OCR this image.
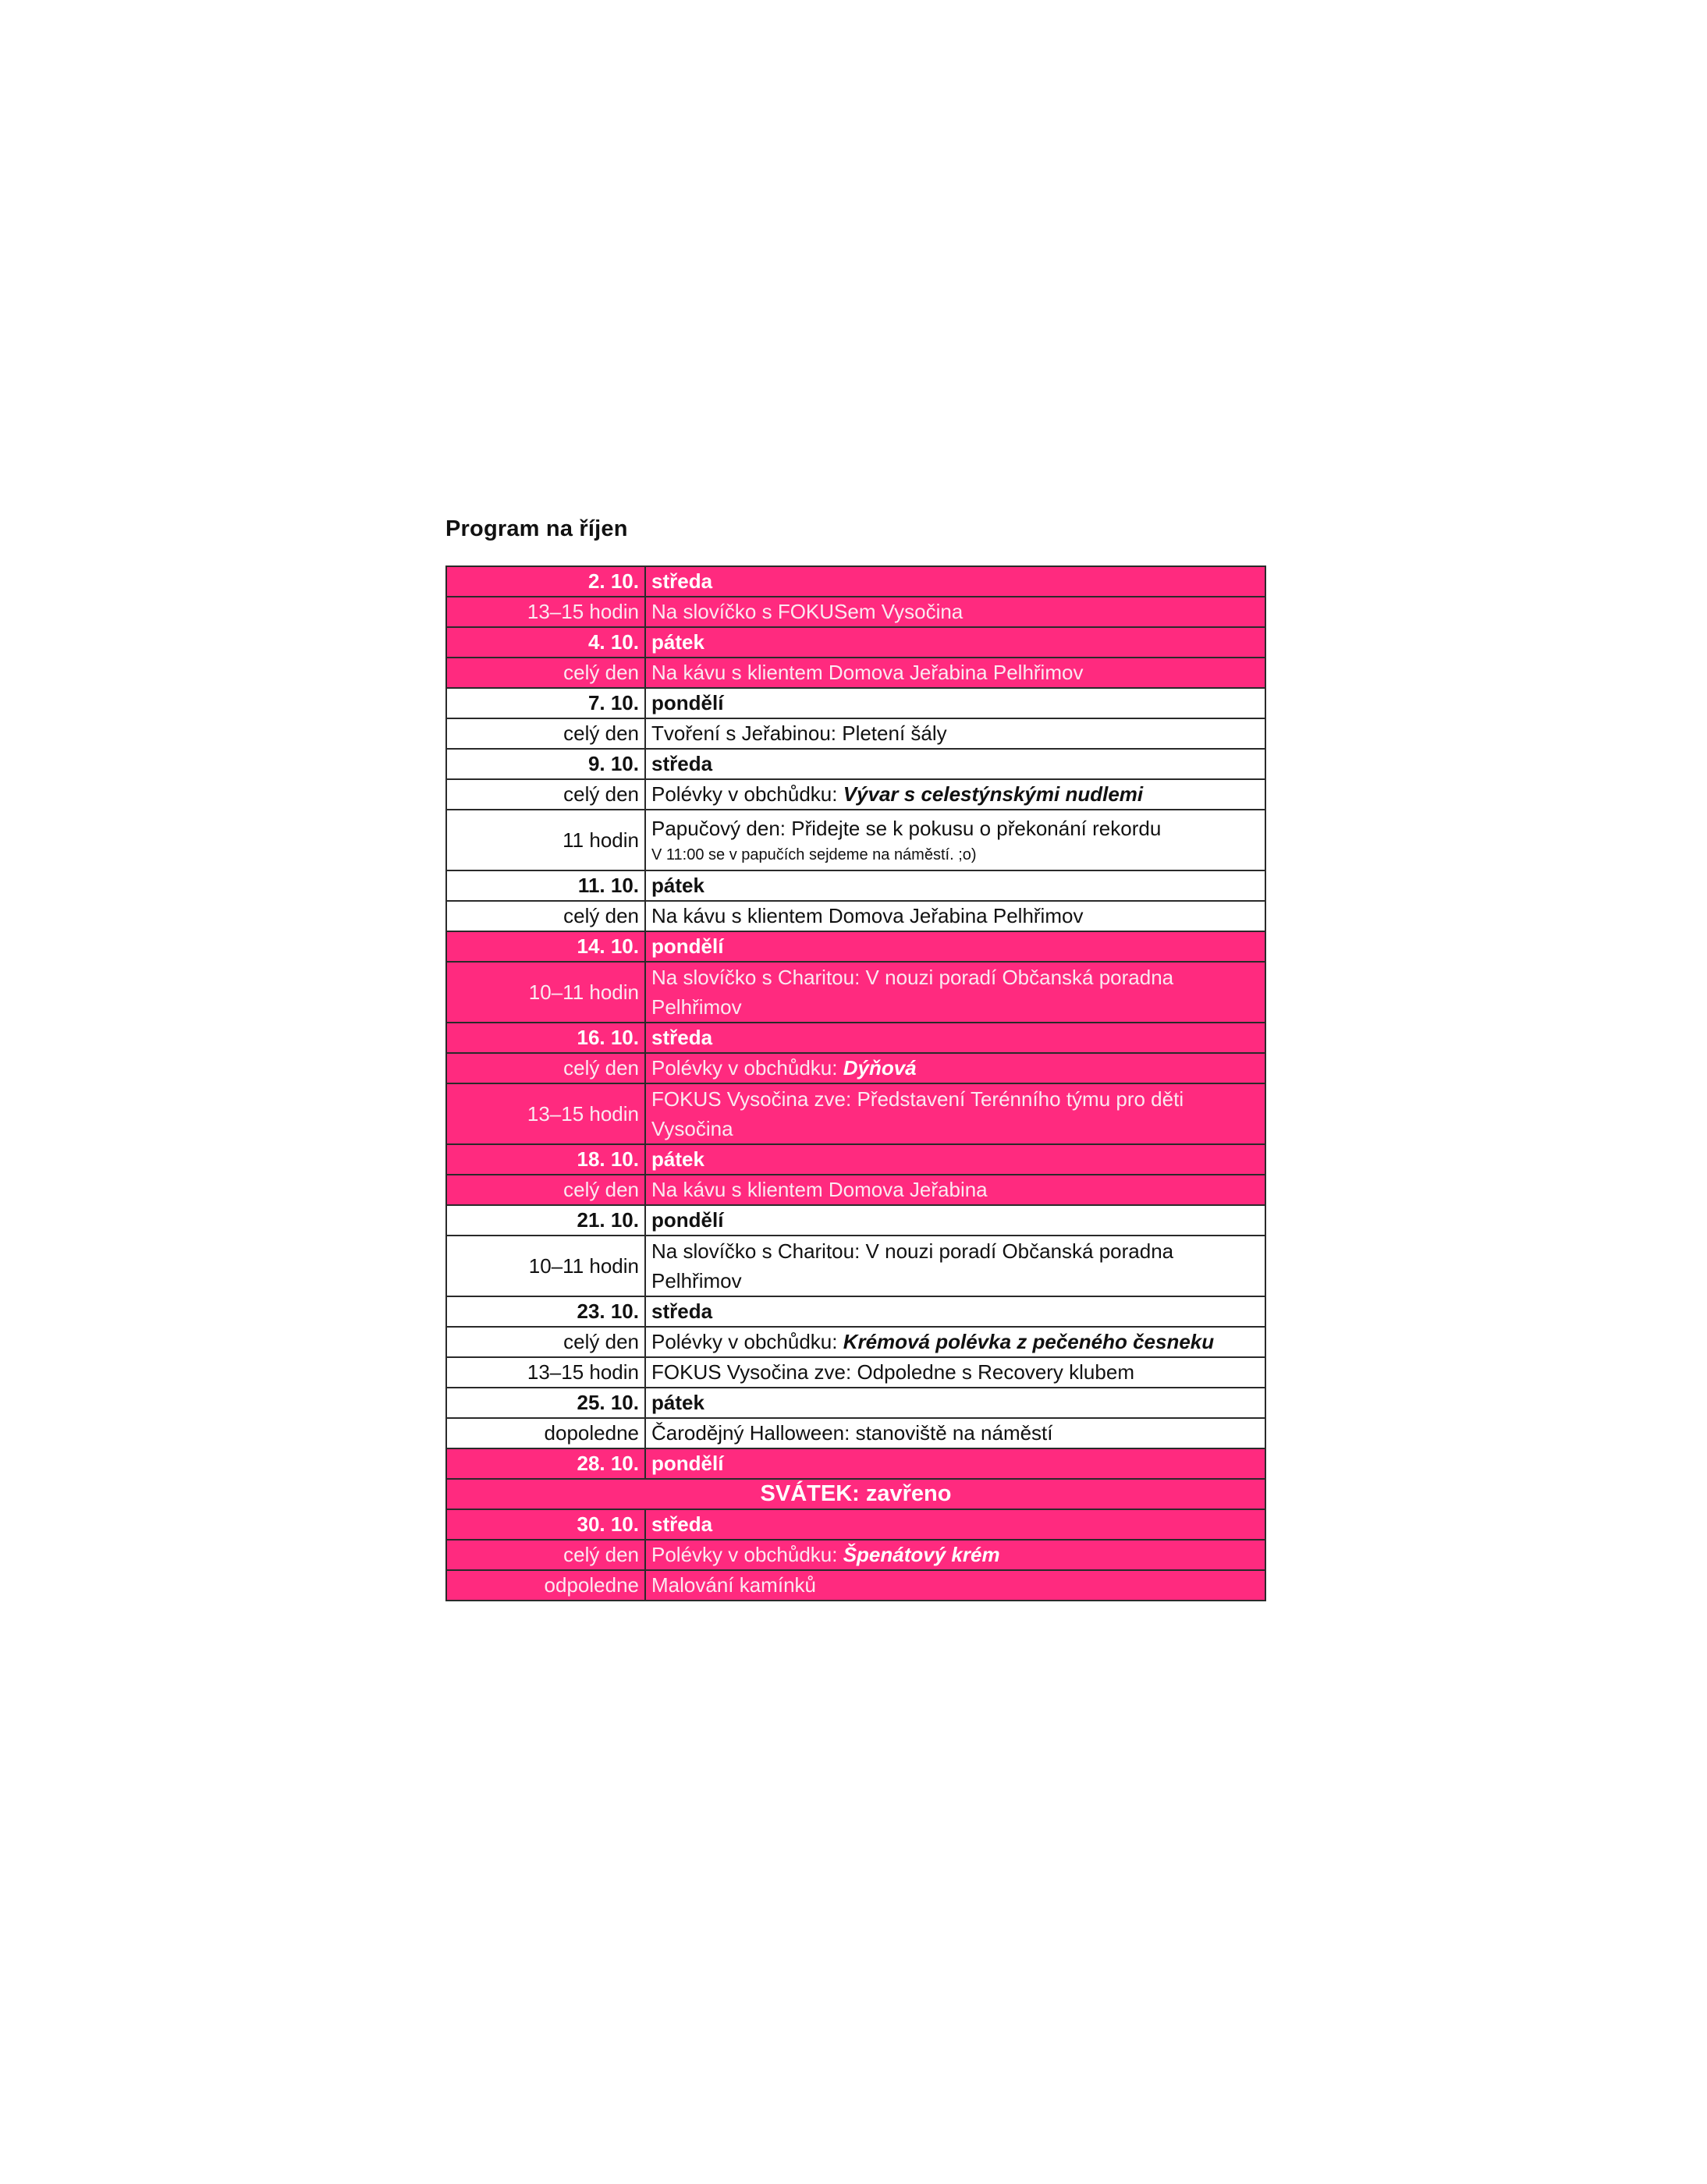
Program na říjen
2. 10.	středa
13–15 hodin	Na slovíčko s FOKUSem Vysočina
4. 10.	pátek
celý den	Na kávu s klientem Domova Jeřabina Pelhřimov
7. 10.	pondělí
celý den	Tvoření s Jeřabinou: Pletení šály
9. 10.	středa
celý den	Polévky v obchůdku: Vývar s celestýnskými nudlemi
11 hodin	Papučový den: Přidejte se k pokusu o překonání rekordu
V 11:00 se v papučích sejdeme na náměstí. ;o)

11. 10.	pátek
celý den	Na kávu s klientem Domova Jeřabina Pelhřimov
14. 10.	pondělí
10–11 hodin	Na slovíčko s Charitou: V nouzi poradí Občanská poradna Pelhřimov
16. 10.	středa
celý den	Polévky v obchůdku: Dýňová
13–15 hodin	FOKUS Vysočina zve: Představení Terénního týmu pro děti Vysočina
18. 10.	pátek
celý den	Na kávu s klientem Domova Jeřabina
21. 10.	pondělí
10–11 hodin	Na slovíčko s Charitou: V nouzi poradí Občanská poradna Pelhřimov
23. 10.	středa
celý den	Polévky v obchůdku: Krémová polévka z pečeného česneku
13–15 hodin	FOKUS Vysočina zve: Odpoledne s Recovery klubem
25. 10.	pátek
dopoledne	Čarodějný Halloween: stanoviště na náměstí
28. 10.	pondělí
SVÁTEK: zavřeno	
30. 10.	středa
celý den	Polévky v obchůdku: Špenátový krém
odpoledne	Malování kamínků
